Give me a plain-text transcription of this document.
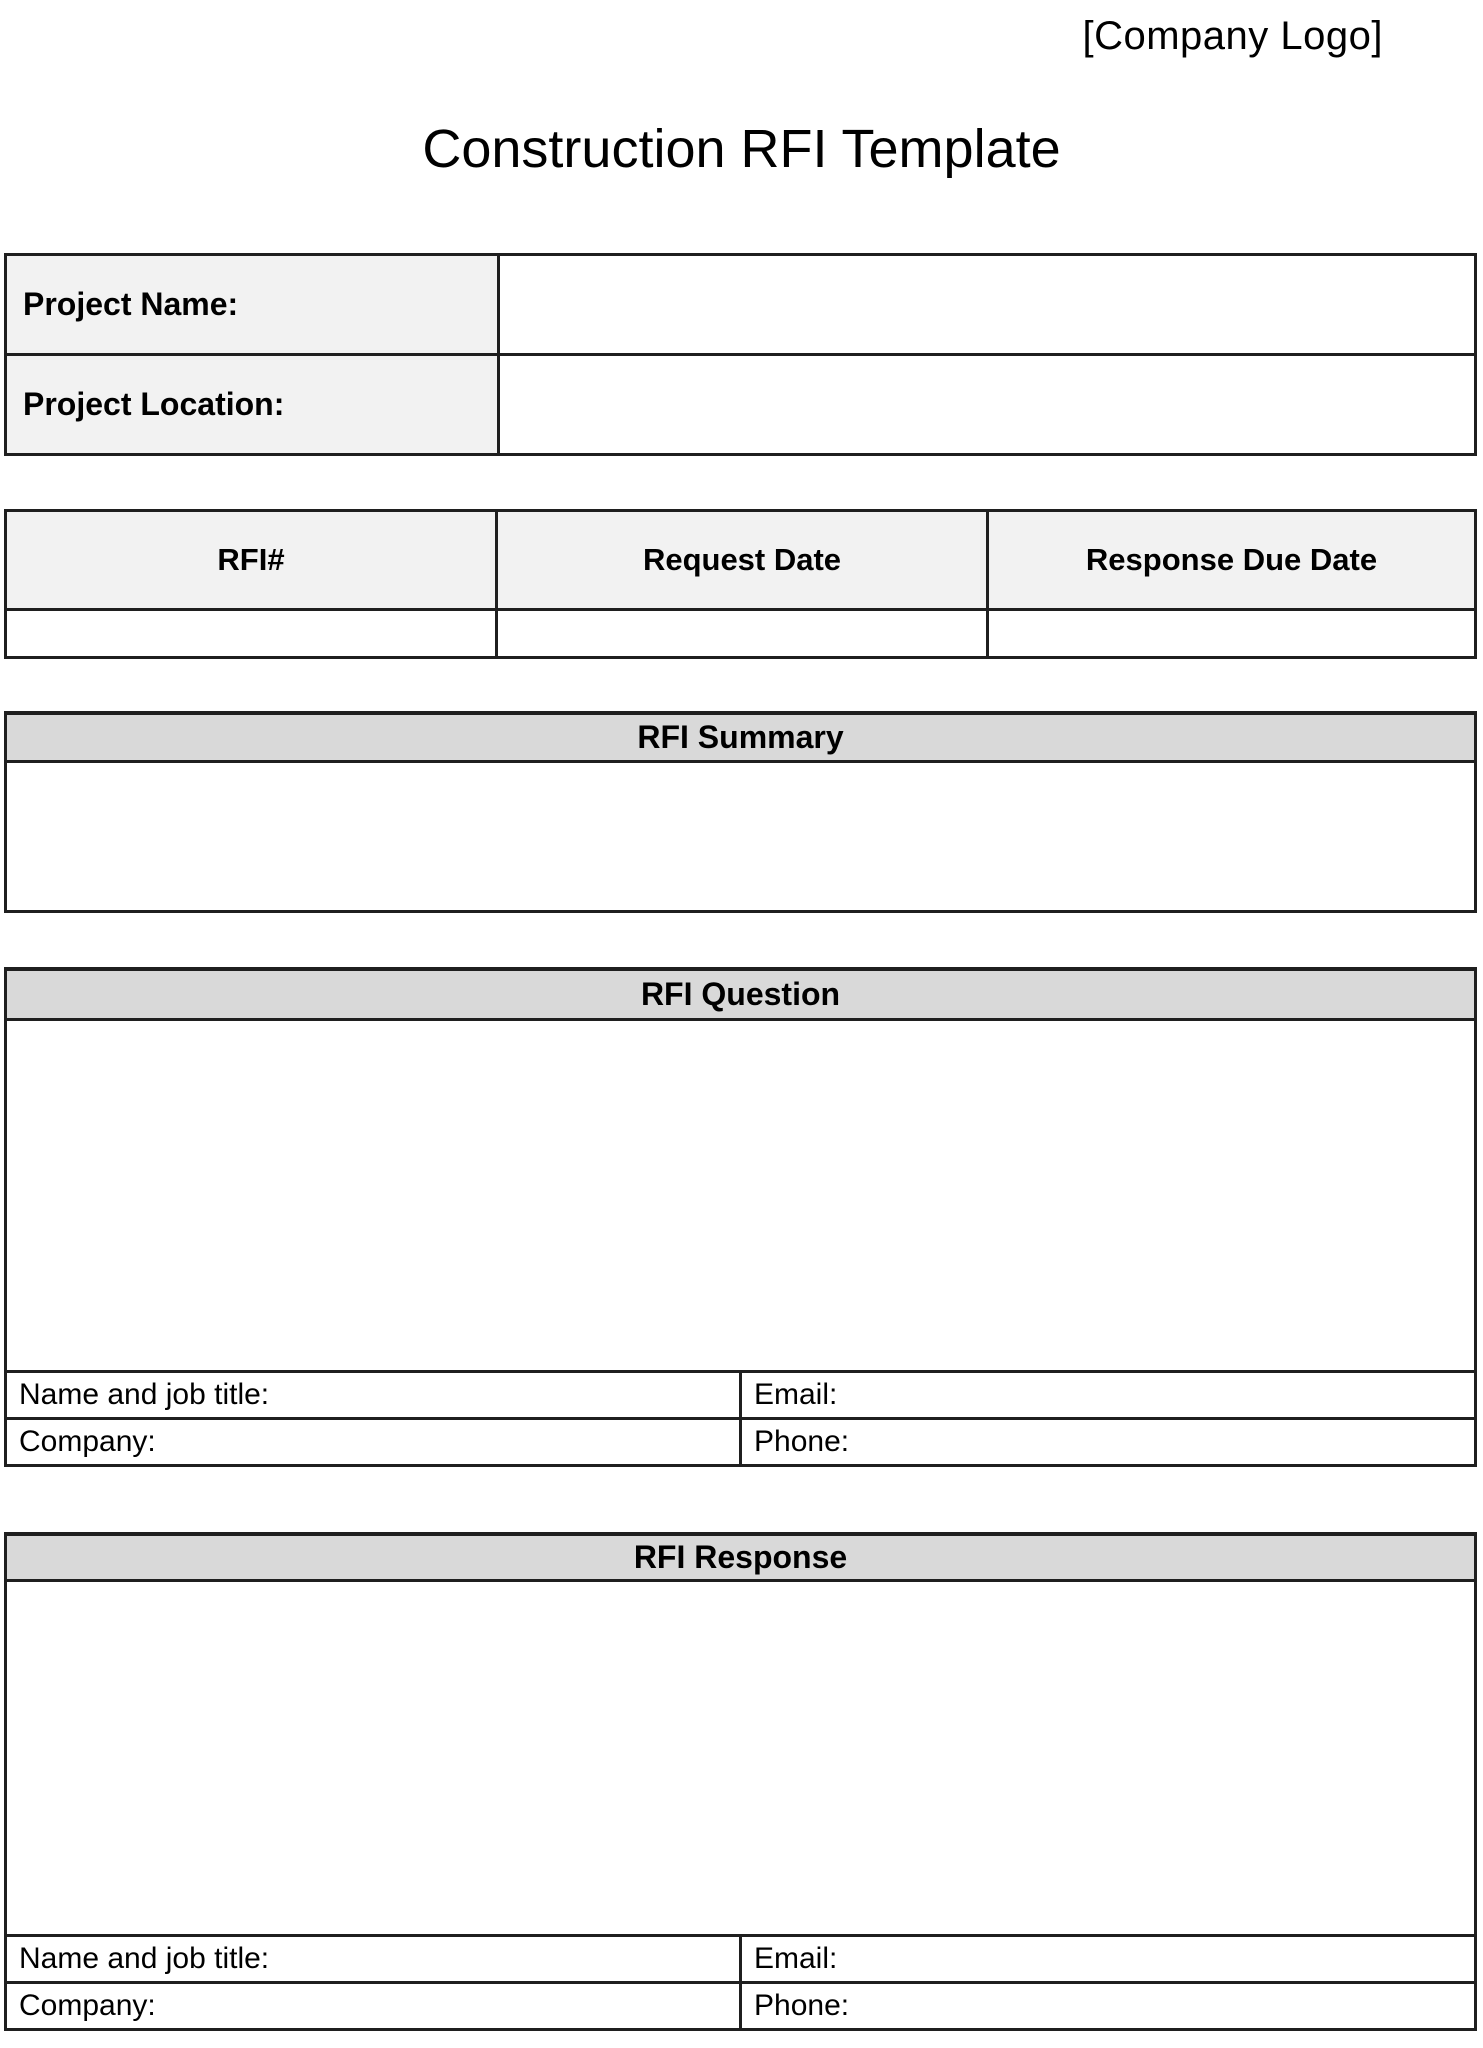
[Company Logo]
Construction RFI Template
Project Name:	
Project Location:	
RFI#	Request Date	Response Due Date

RFI Summary

RFI Question	

Name and job title:	Email:
Company:	Phone:
RFI Response	

Name and job title:	Email:
Company:	Phone:
